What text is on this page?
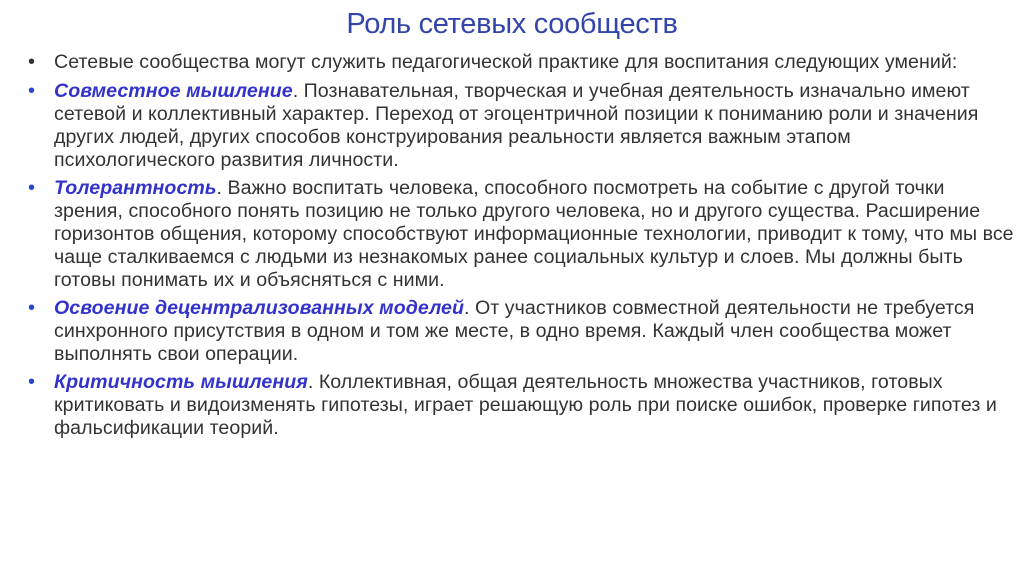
Роль сетевых сообществ
• Сетевые сообщества могут служить педагогической практике для воспитания следующих умений:
• Совместное мышление. Познавательная, творческая и учебная деятельность изначально имеют сетевой и коллективный характер. Переход от эгоцентричной позиции к пониманию роли и значения других людей, других способов конструирования реальности является важным этапом психологического развития личности.
• Толерантность. Важно воспитать человека, способного посмотреть на событие с другой точки зрения, способного понять позицию не только другого человека, но и другого существа. Расширение горизонтов общения, которому способствуют информационные технологии, приводит к тому, что мы все чаще сталкиваемся с людьми из незнакомых ранее социальных культур и слоев. Мы должны быть готовы понимать их и объясняться с ними.
• Освоение децентрализованных моделей. От участников совместной деятельности не требуется синхронного присутствия в одном и том же месте, в одно время. Каждый член сообщества может выполнять свои операции.
• Критичность мышления. Коллективная, общая деятельность множества участников, готовых критиковать и видоизменять гипотезы, играет решающую роль при поиске ошибок, проверке гипотез и фальсификации теорий.
